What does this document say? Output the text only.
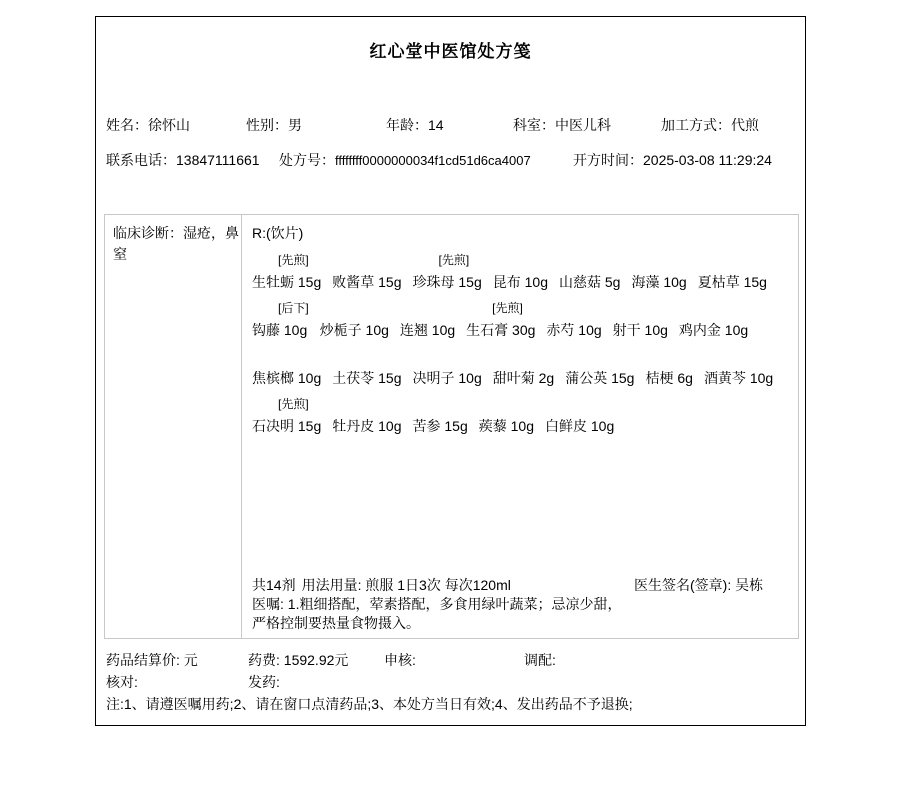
红心堂中医馆处方笺
姓名：徐怀山	性别：男	年龄：14	科室：中医儿科	加工方式：代煎
联系电话：13847111661 处方号：ffffffff0000000034f1cd51d6ca4007	开方时间：2025-03-08 11:29:24
临床诊断：湿疮，鼻窒
R:(饮片)
[先煎]
生牡蛎 15g
败酱草 15g
[先煎]
珍珠母 15g
昆布 10g
山慈菇 5g
海藻 10g
夏枯草 15g
[后下]
钩藤 10g
炒栀子 10g
连翘 10g
[先煎]
生石膏 30g
赤芍 10g
射干 10g
鸡内金 10g

焦槟榔 10g
土茯苓 15g
决明子 10g
甜叶菊 2g
蒲公英 15g
桔梗 6g
酒黄芩 10g
[先煎]
石决明 15g
牡丹皮 10g
苦参 15g
蒺藜 10g
白鲜皮 10g
共14剂 用法用量: 煎服 1日3次 每次120ml
医嘱: 1.粗细搭配，荤素搭配，多食用绿叶蔬菜；忌凉少甜，严格控制要热量食物摄入。
医生签名(签章): 吴栋
药品结算价: 元	药费: 1592.92元	申核:	调配:
核对:	发药:
注:1、请遵医嘱用药;2、请在窗口点清药品;3、本处方当日有效;4、发出药品不予退换;
